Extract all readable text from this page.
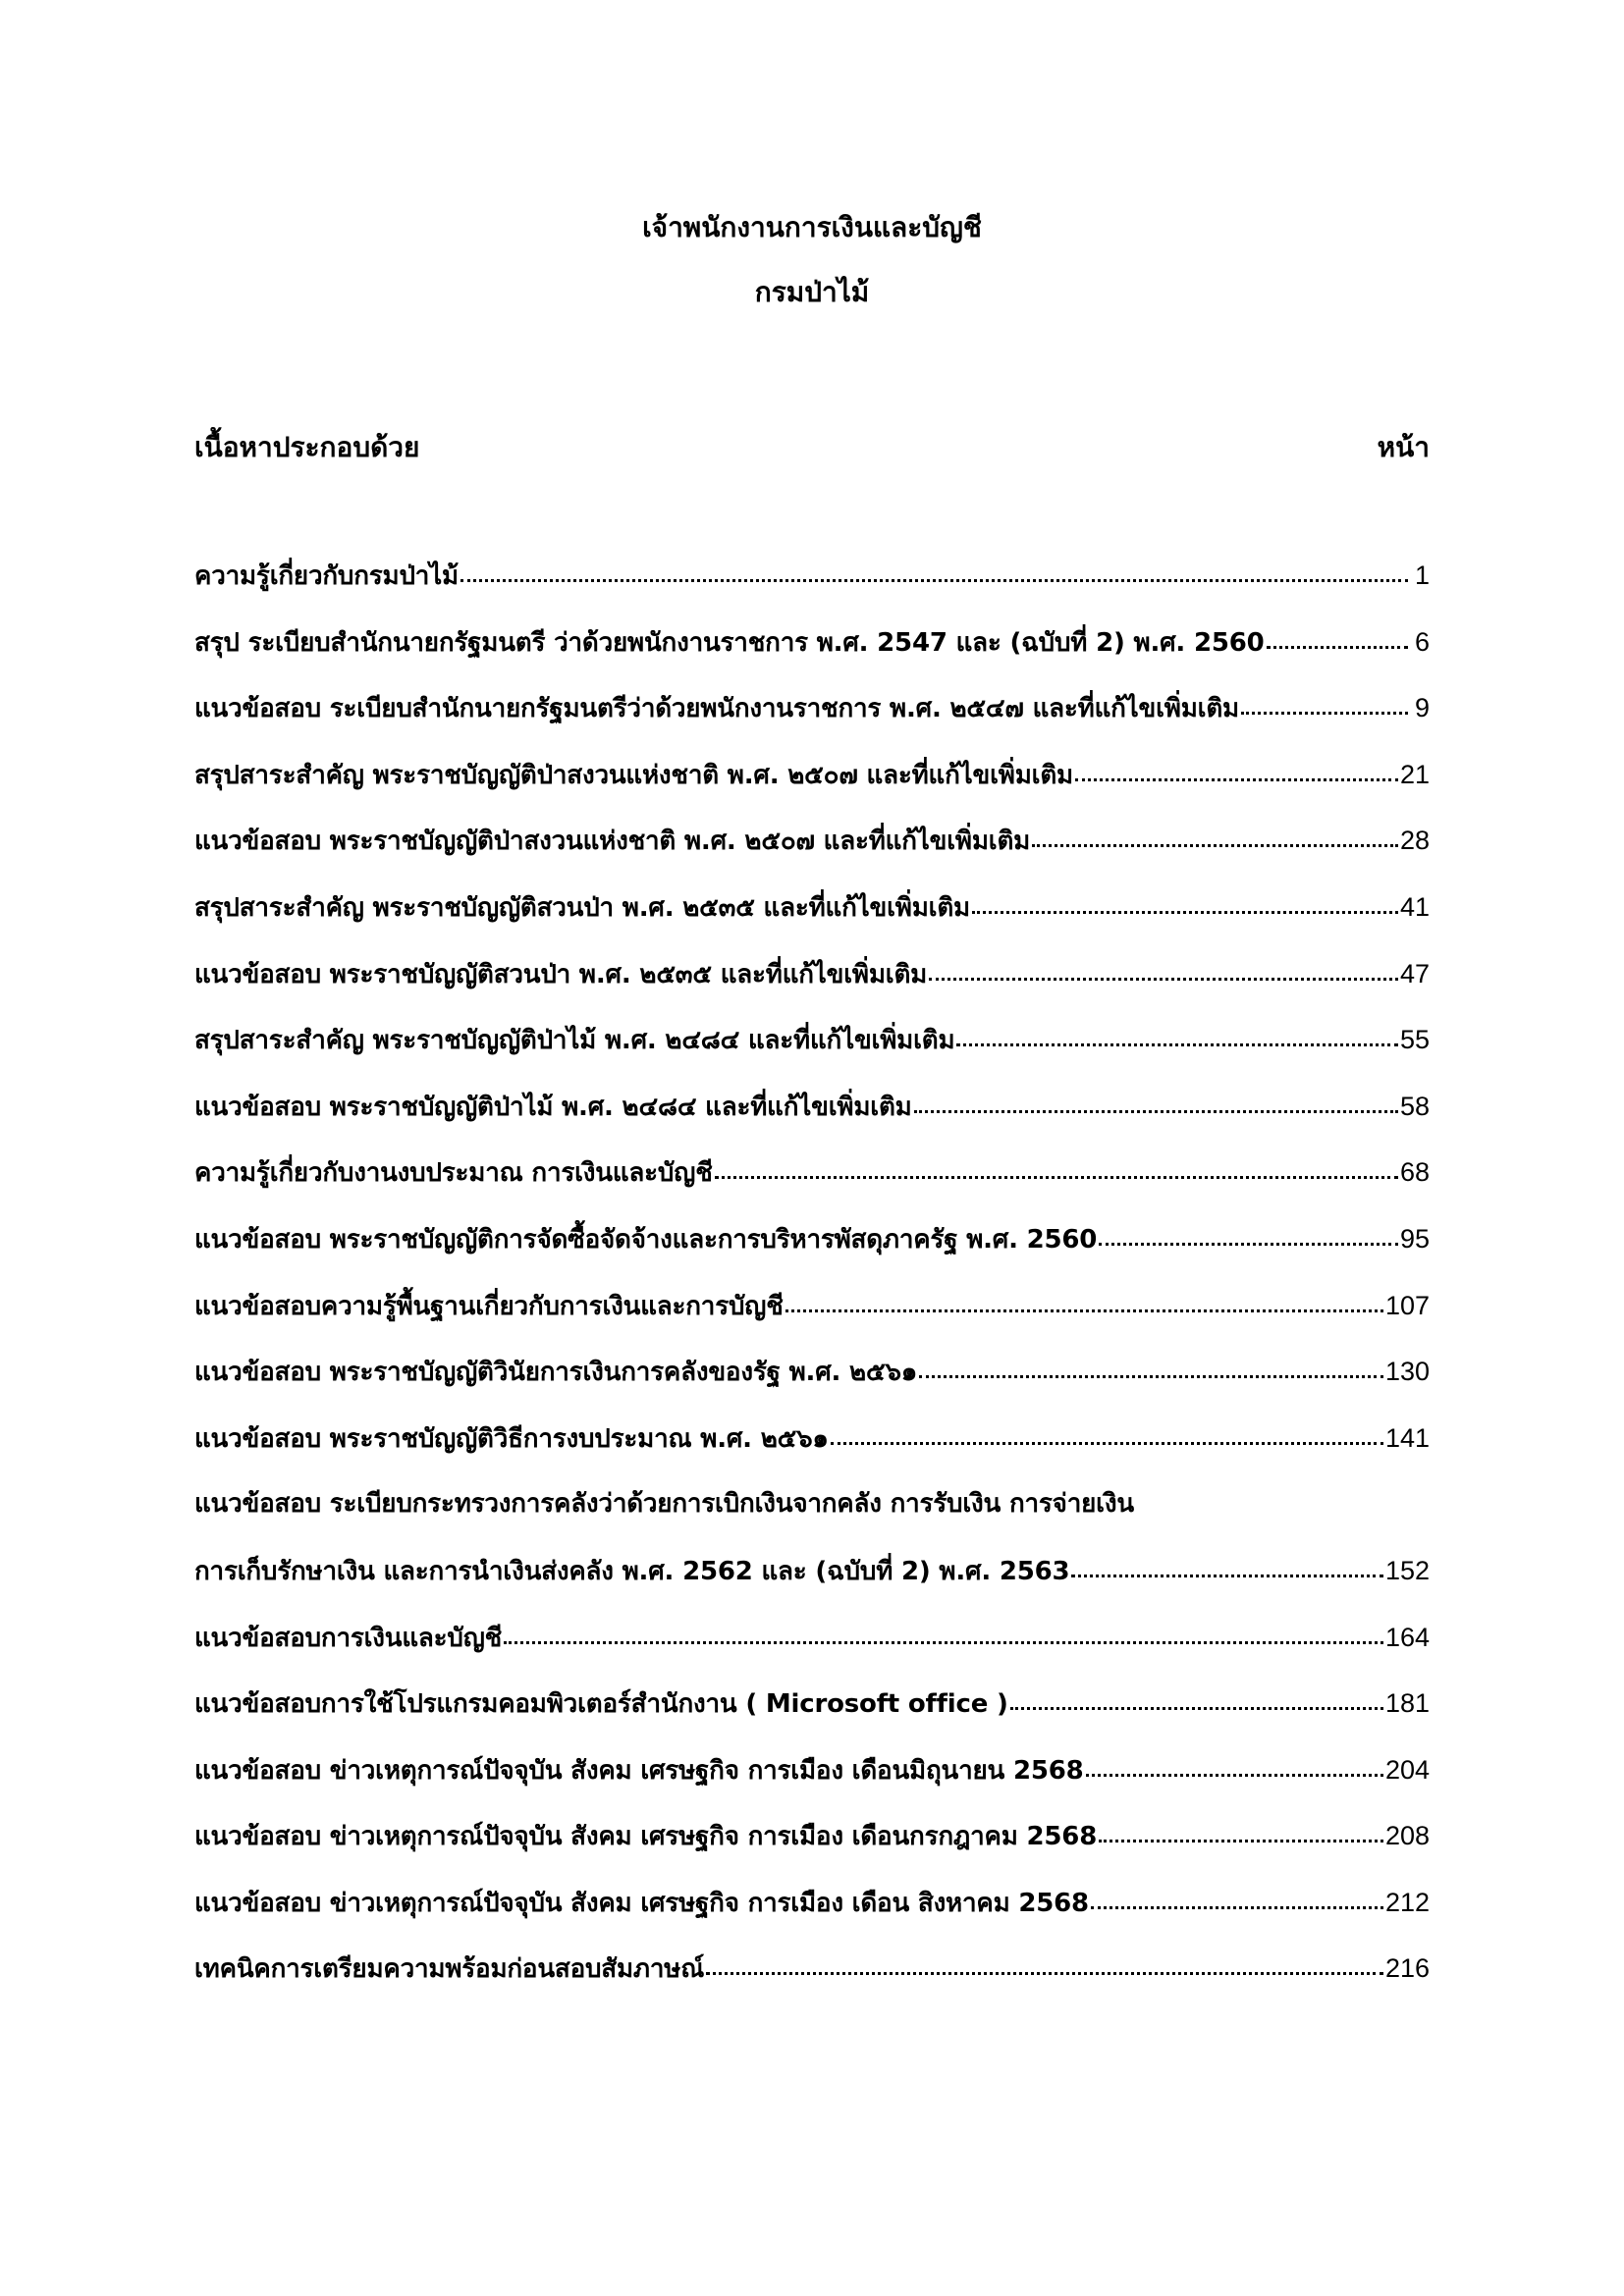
เจ้าพนักงานการเงินและบัญชี
กรมป่าไม้
เนื้อหาประกอบด้วย	หน้า
ความรู้เกี่ยวกับกรมป่าไม้	1
สรุป ระเบียบสำนักนายกรัฐมนตรี ว่าด้วยพนักงานราชการ พ.ศ. 2547 และ (ฉบับที่ 2) พ.ศ. 2560	6
แนวข้อสอบ ระเบียบสำนักนายกรัฐมนตรีว่าด้วยพนักงานราชการ พ.ศ. ๒๕๔๗ และที่แก้ไขเพิ่มเติม	9
สรุปสาระสำคัญ พระราชบัญญัติป่าสงวนแห่งชาติ พ.ศ. ๒๕๐๗ และที่แก้ไขเพิ่มเติม	21
แนวข้อสอบ พระราชบัญญัติป่าสงวนแห่งชาติ พ.ศ. ๒๕๐๗ และที่แก้ไขเพิ่มเติม	28
สรุปสาระสำคัญ พระราชบัญญัติสวนป่า พ.ศ. ๒๕๓๕ และที่แก้ไขเพิ่มเติม	41
แนวข้อสอบ พระราชบัญญัติสวนป่า พ.ศ. ๒๕๓๕ และที่แก้ไขเพิ่มเติม	47
สรุปสาระสำคัญ พระราชบัญญัติป่าไม้ พ.ศ. ๒๔๘๔ และที่แก้ไขเพิ่มเติม	55
แนวข้อสอบ พระราชบัญญัติป่าไม้ พ.ศ. ๒๔๘๔ และที่แก้ไขเพิ่มเติม	58
ความรู้เกี่ยวกับงานงบประมาณ การเงินและบัญชี	68
แนวข้อสอบ พระราชบัญญัติการจัดซื้อจัดจ้างและการบริหารพัสดุภาครัฐ พ.ศ. 2560	95
แนวข้อสอบความรู้พื้นฐานเกี่ยวกับการเงินและการบัญชี	107
แนวข้อสอบ พระราชบัญญัติวินัยการเงินการคลังของรัฐ พ.ศ. ๒๕๖๑	130
แนวข้อสอบ พระราชบัญญัติวิธีการงบประมาณ พ.ศ. ๒๕๖๑	141
แนวข้อสอบ ระเบียบกระทรวงการคลังว่าด้วยการเบิกเงินจากคลัง การรับเงิน การจ่ายเงิน
การเก็บรักษาเงิน และการนำเงินส่งคลัง พ.ศ. 2562 และ (ฉบับที่ 2) พ.ศ. 2563	152
แนวข้อสอบการเงินและบัญชี	164
แนวข้อสอบการใช้โปรแกรมคอมพิวเตอร์สำนักงาน ( Microsoft office )	181
แนวข้อสอบ ข่าวเหตุการณ์ปัจจุบัน สังคม เศรษฐกิจ การเมือง เดือนมิถุนายน 2568	204
แนวข้อสอบ ข่าวเหตุการณ์ปัจจุบัน สังคม เศรษฐกิจ การเมือง เดือนกรกฎาคม 2568	208
แนวข้อสอบ ข่าวเหตุการณ์ปัจจุบัน สังคม เศรษฐกิจ การเมือง เดือน สิงหาคม 2568	212
เทคนิคการเตรียมความพร้อมก่อนสอบสัมภาษณ์	216
